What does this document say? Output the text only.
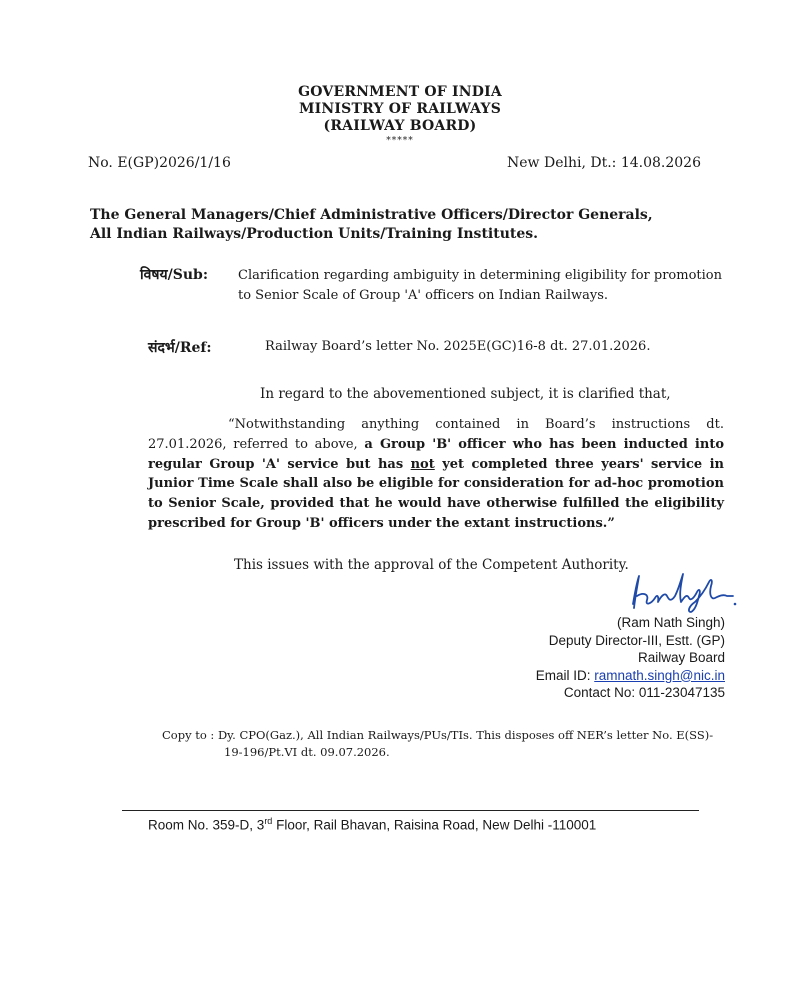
GOVERNMENT OF INDIA
MINISTRY OF RAILWAYS
(RAILWAY BOARD)
*****
No. E(GP)2026/1/16	New Delhi, Dt.: 14.08.2026
The General Managers/Chief Administrative Officers/Director Generals,
All Indian Railways/Production Units/Training Institutes.
विषय/Sub: Clarification regarding ambiguity in determining eligibility for promotion to Senior Scale of Group 'A' officers on Indian Railways.
संदर्भ/Ref:	Railway Board’s letter No. 2025E(GC)16-8 dt. 27.01.2026.
In regard to the abovementioned subject, it is clarified that,
“Notwithstanding anything contained in Board’s instructions dt. 27.01.2026, referred to above, a Group 'B' officer who has been inducted into regular Group 'A' service but has not yet completed three years' service in Junior Time Scale shall also be eligible for consideration for ad-hoc promotion to Senior Scale, provided that he would have otherwise fulfilled the eligibility prescribed for Group 'B' officers under the extant instructions.”
This issues with the approval of the Competent Authority.
(Ram Nath Singh)
Deputy Director-III, Estt. (GP)
Railway Board
Email ID: ramnath.singh@nic.in
Contact No: 011-23047135
Copy to : Dy. CPO(Gaz.), All Indian Railways/PUs/TIs. This disposes off NER’s letter No. E(SS)-
19-196/Pt.VI dt. 09.07.2026.
Room No. 359-D, 3rd Floor, Rail Bhavan, Raisina Road, New Delhi -110001
